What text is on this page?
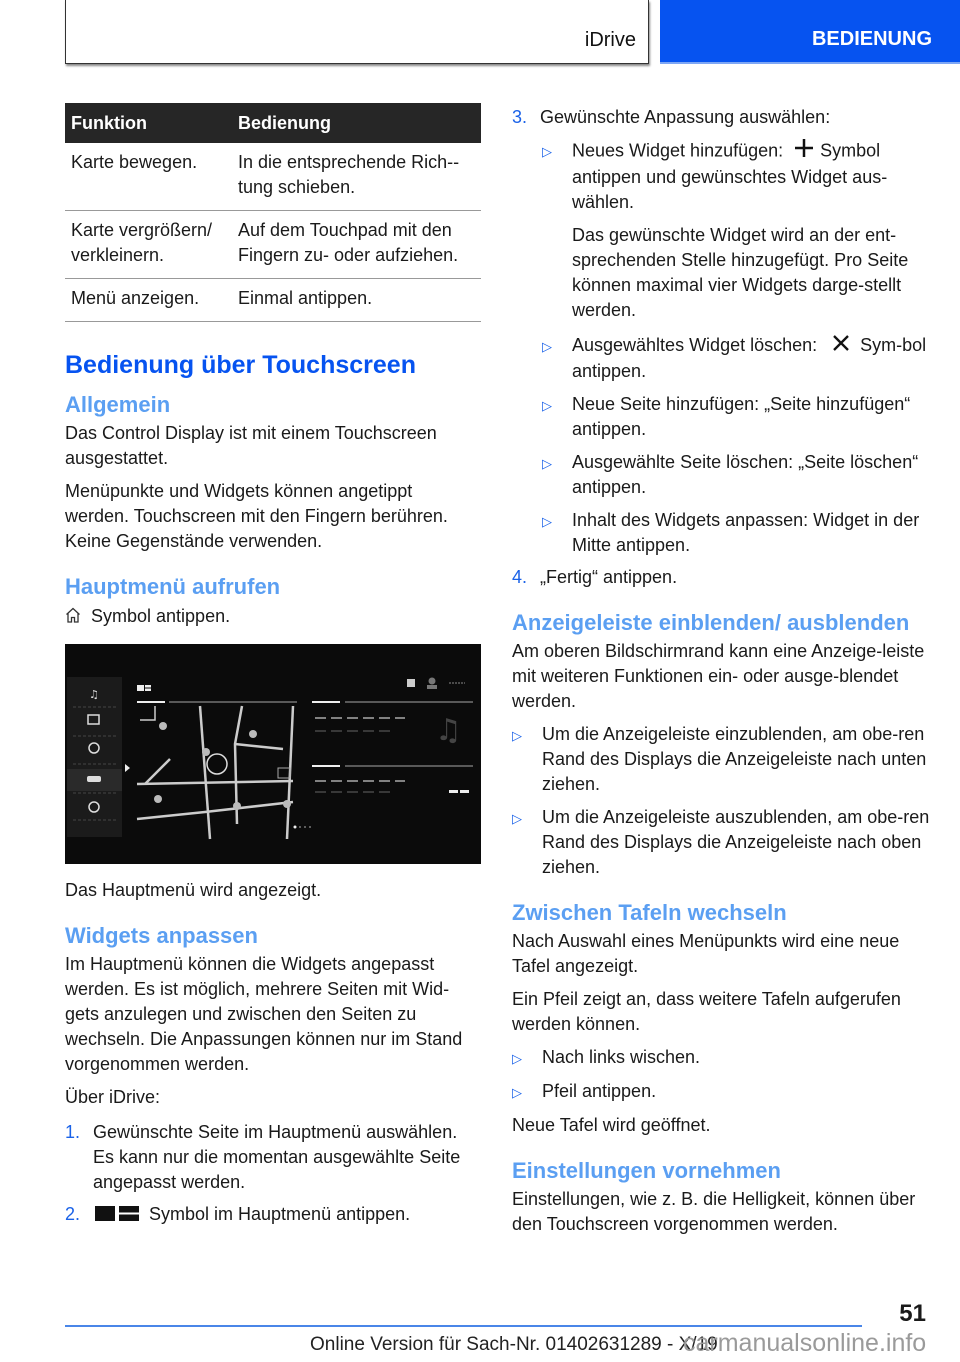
iDrive	BEDIENUNG
Funktion	Bedienung
Karte bewegen.	In die entsprechende Rich-tung schieben.
Karte vergrößern/ verkleinern.	Auf dem Touchpad mit den Fingern zu- oder aufziehen.
Menü anzeigen.	Einmal antippen.
Bedienung über Touchscreen
Allgemein
Das Control Display ist mit einem Touchscreen ausgestattet.
Menüpunkte und Widgets können angetippt werden. Touchscreen mit den Fingern berühren. Keine Gegenstände verwenden.
Hauptmenü aufrufen
Symbol antippen.
♫
♫
Das Hauptmenü wird angezeigt.
Widgets anpassen
Im Hauptmenü können die Widgets angepasst werden. Es ist möglich, mehrere Seiten mit Wid-gets anzulegen und zwischen den Seiten zu wechseln. Die Anpassungen können nur im Stand vorgenommen werden.
Über iDrive:
1. Gewünschte Seite im Hauptmenü auswählen. Es kann nur die momentan ausgewählte Seite angepasst werden.
2.	Symbol im Hauptmenü antippen.
3. Gewünschte Anpassung auswählen:
▷	Neues Widget hinzufügen: Symbol antippen und gewünschtes Widget aus-wählen.
Das gewünschte Widget wird an der ent-sprechenden Stelle hinzugefügt. Pro Seite können maximal vier Widgets darge-stellt werden.
▷	Ausgewähltes Widget löschen: Sym-bol antippen.
▷	Neue Seite hinzufügen: „Seite hinzufügen“ antippen.
▷	Ausgewählte Seite löschen: „Seite löschen“ antippen.
▷	Inhalt des Widgets anpassen: Widget in der Mitte antippen.
4. „Fertig“ antippen.
Anzeigeleiste einblenden/ ausblenden
Am oberen Bildschirmrand kann eine Anzeige-leiste mit weiteren Funktionen ein- oder ausge-blendet werden.
▷	Um die Anzeigeleiste einzublenden, am obe-ren Rand des Displays die Anzeigeleiste nach unten ziehen.
▷	Um die Anzeigeleiste auszublenden, am obe-ren Rand des Displays die Anzeigeleiste nach oben ziehen.
Zwischen Tafeln wechseln
Nach Auswahl eines Menüpunkts wird eine neue Tafel angezeigt.
Ein Pfeil zeigt an, dass weitere Tafeln aufgerufen werden können.
▷	Nach links wischen.
▷	Pfeil antippen.
Neue Tafel wird geöffnet.
Einstellungen vornehmen
Einstellungen, wie z. B. die Helligkeit, können über den Touchscreen vorgenommen werden.
51
Online Version für Sach-Nr. 01402631289 - X/19
carmanualsonline.info
